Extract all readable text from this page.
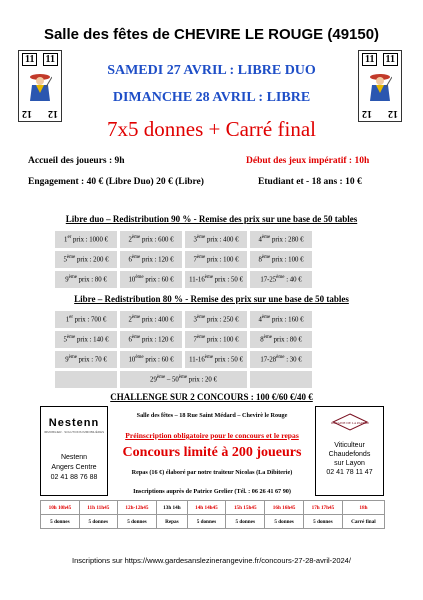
Salle des fêtes de CHEVIRE LE ROUGE (49150)
11	11
12 12
11	11
12 12
SAMEDI 27 AVRIL : LIBRE DUO
DIMANCHE 28 AVRIL : LIBRE
7x5 donnes + Carré final
Accueil des joueurs : 9h	Début des jeux impératif : 10h
Engagement : 40 € (Libre Duo) 20 € (Libre)	Etudiant et - 18 ans : 10 €
Libre duo – Redistribution 90 % - Remise des prix sur une base de 50 tables
1er prix : 1000 €	2ème prix : 600 €	3ème prix : 400 €	4ème prix : 280 €
5ème prix : 200 €	6ème prix : 120 €	7ème prix : 100 €	8ème prix : 100 €
9ème prix : 80 €	10ème prix : 60 €	11-16ème prix : 50 €	17-25ème : 40 €
Libre – Redistribution 80 % - Remise des prix sur une base de 50 tables
1er prix : 700 €	2ème prix : 400 €	3ème prix : 250 €	4ème prix : 160 €
5ème prix : 140 €	6ème prix : 120 €	7ème prix : 100 €	8ème prix : 80 €
9ème prix : 70 €	10ème prix : 60 €	11-16ème prix : 50 €	17-28ème : 30 €
	29ème – 50ème prix : 20 €		
CHALLENGE SUR 2 CONCOURS : 100 €/60 €/40 €
Nestenn
IMMOBILIER · SOLUTIONS IMMOBILIÈRES
Nestenn
Angers Centre
02 41 88 76 88
DOMAINE DE LA PAPERIE
Viticulteur
Chaudefonds
sur Layon
02 41 78 11 47
Salle des fêtes – 18 Rue Saint Médard – Chevirè le Rouge
Préinscription obligatoire pour le concours et le repas
Concours limité à 200 joueurs
Repas (16 €) élaboré par notre traiteur Nicolas (La Dibiterie)
Inscriptions auprès de Patrice Grelier (Tél. : 06 26 41 67 90)
10h 10h45	11h 11h45	12h-12h45	13h 14h	14h 14h45	15h 15h45	16h 16h45	17h 17h45	18h
5 donnes	5 donnes	5 donnes	Repas	5 donnes	5 donnes	5 donnes	5 donnes	Carré final
Inscriptions sur https://www.gardesanslezinerangevine.fr/concours-27-28-avril-2024/
